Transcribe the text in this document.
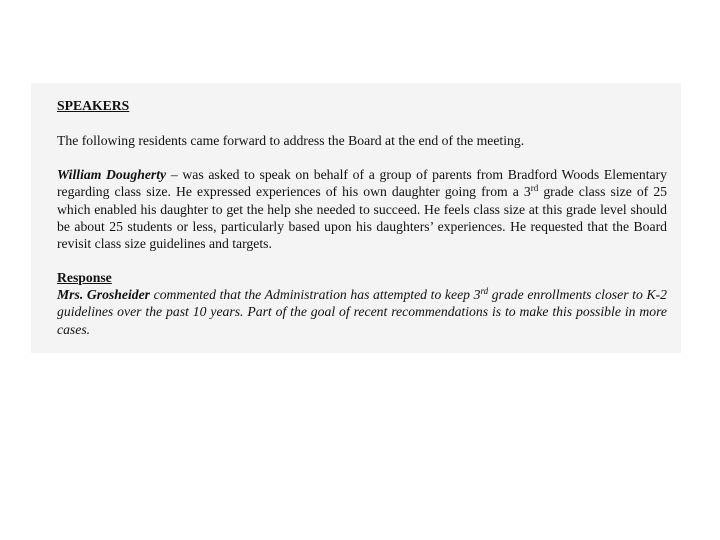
SPEAKERS

The following residents came forward to address the Board at the end of the meeting.

William Dougherty – was asked to speak on behalf of a group of parents from Bradford Woods Elementary regarding class size. He expressed experiences of his own daughter going from a 3rd grade class size of 25 which enabled his daughter to get the help she needed to succeed. He feels class size at this grade level should be about 25 students or less, particularly based upon his daughters’ experiences. He requested that the Board revisit class size guidelines and targets.

Response

Mrs. Grosheider commented that the Administration has attempted to keep 3rd grade enrollments closer to K-2 guidelines over the past 10 years. Part of the goal of recent recommendations is to make this possible in more cases.
